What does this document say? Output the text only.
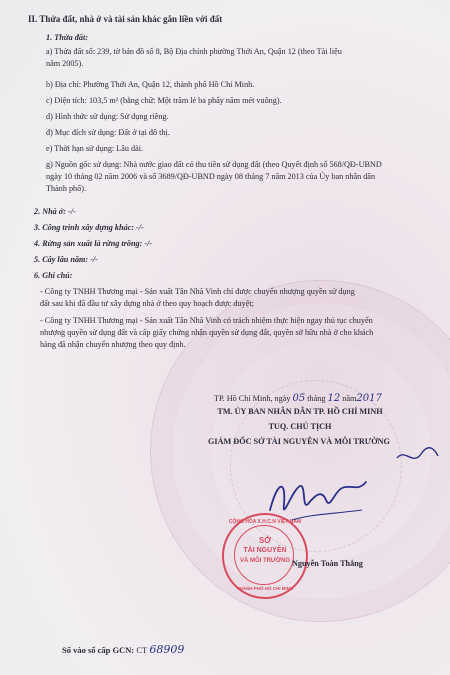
II. Thửa đất, nhà ở và tài sản khác gắn liền với đất
1. Thửa đất:
a) Thửa đất số: 239, tờ bản đồ số 8, Bộ Địa chính phường Thới An, Quận 12 (theo Tài liệu
năm 2005).
b) Địa chỉ: Phường Thới An, Quận 12, thành phố Hồ Chí Minh.
c) Diện tích: 103,5 m² (bằng chữ: Một trăm lẻ ba phẩy năm mét vuông).
d) Hình thức sử dụng: Sử dụng riêng.
đ) Mục đích sử dụng: Đất ở tại đô thị.
e) Thời hạn sử dụng: Lâu dài.
g) Nguồn gốc sử dụng: Nhà nước giao đất có thu tiền sử dụng đất (theo Quyết định số 568/QĐ-UBND
ngày 10 tháng 02 năm 2006 và số 3689/QĐ-UBND ngày 08 tháng 7 năm 2013 của Ủy ban nhân dân
Thành phố).
2. Nhà ở: -/-
3. Công trình xây dựng khác: -/-
4. Rừng sản xuất là rừng trồng: -/-
5. Cây lâu năm: -/-
6. Ghi chú:
- Công ty TNHH Thương mại - Sản xuất Tân Nhã Vinh chỉ được chuyển nhượng quyền sử dụng
đất sau khi đã đầu tư xây dựng nhà ở theo quy hoạch được duyệt;
- Công ty TNHH Thương mại - Sản xuất Tân Nhã Vinh có trách nhiệm thực hiện ngay thủ tục chuyển
nhượng quyền sử dụng đất và cấp giấy chứng nhận quyền sử dụng đất, quyền sở hữu nhà ở cho khách
hàng đã nhận chuyển nhượng theo quy định.
TP. Hồ Chí Minh, ngày 05 tháng 12 năm2017
TM. ỦY BAN NHÂN DÂN TP. HỒ CHÍ MINH
TUQ. CHỦ TỊCH
GIÁM ĐỐC SỞ TÀI NGUYÊN VÀ MÔI TRƯỜNG
CỘNG HÒA X.H.C.N VIỆT NAM
SỞ
TÀI NGUYÊN
VÀ MÔI TRƯỜNG
THÀNH PHỐ HỒ CHÍ MINH
Nguyễn Toàn Thắng
Số vào sổ cấp GCN: CT 68909
